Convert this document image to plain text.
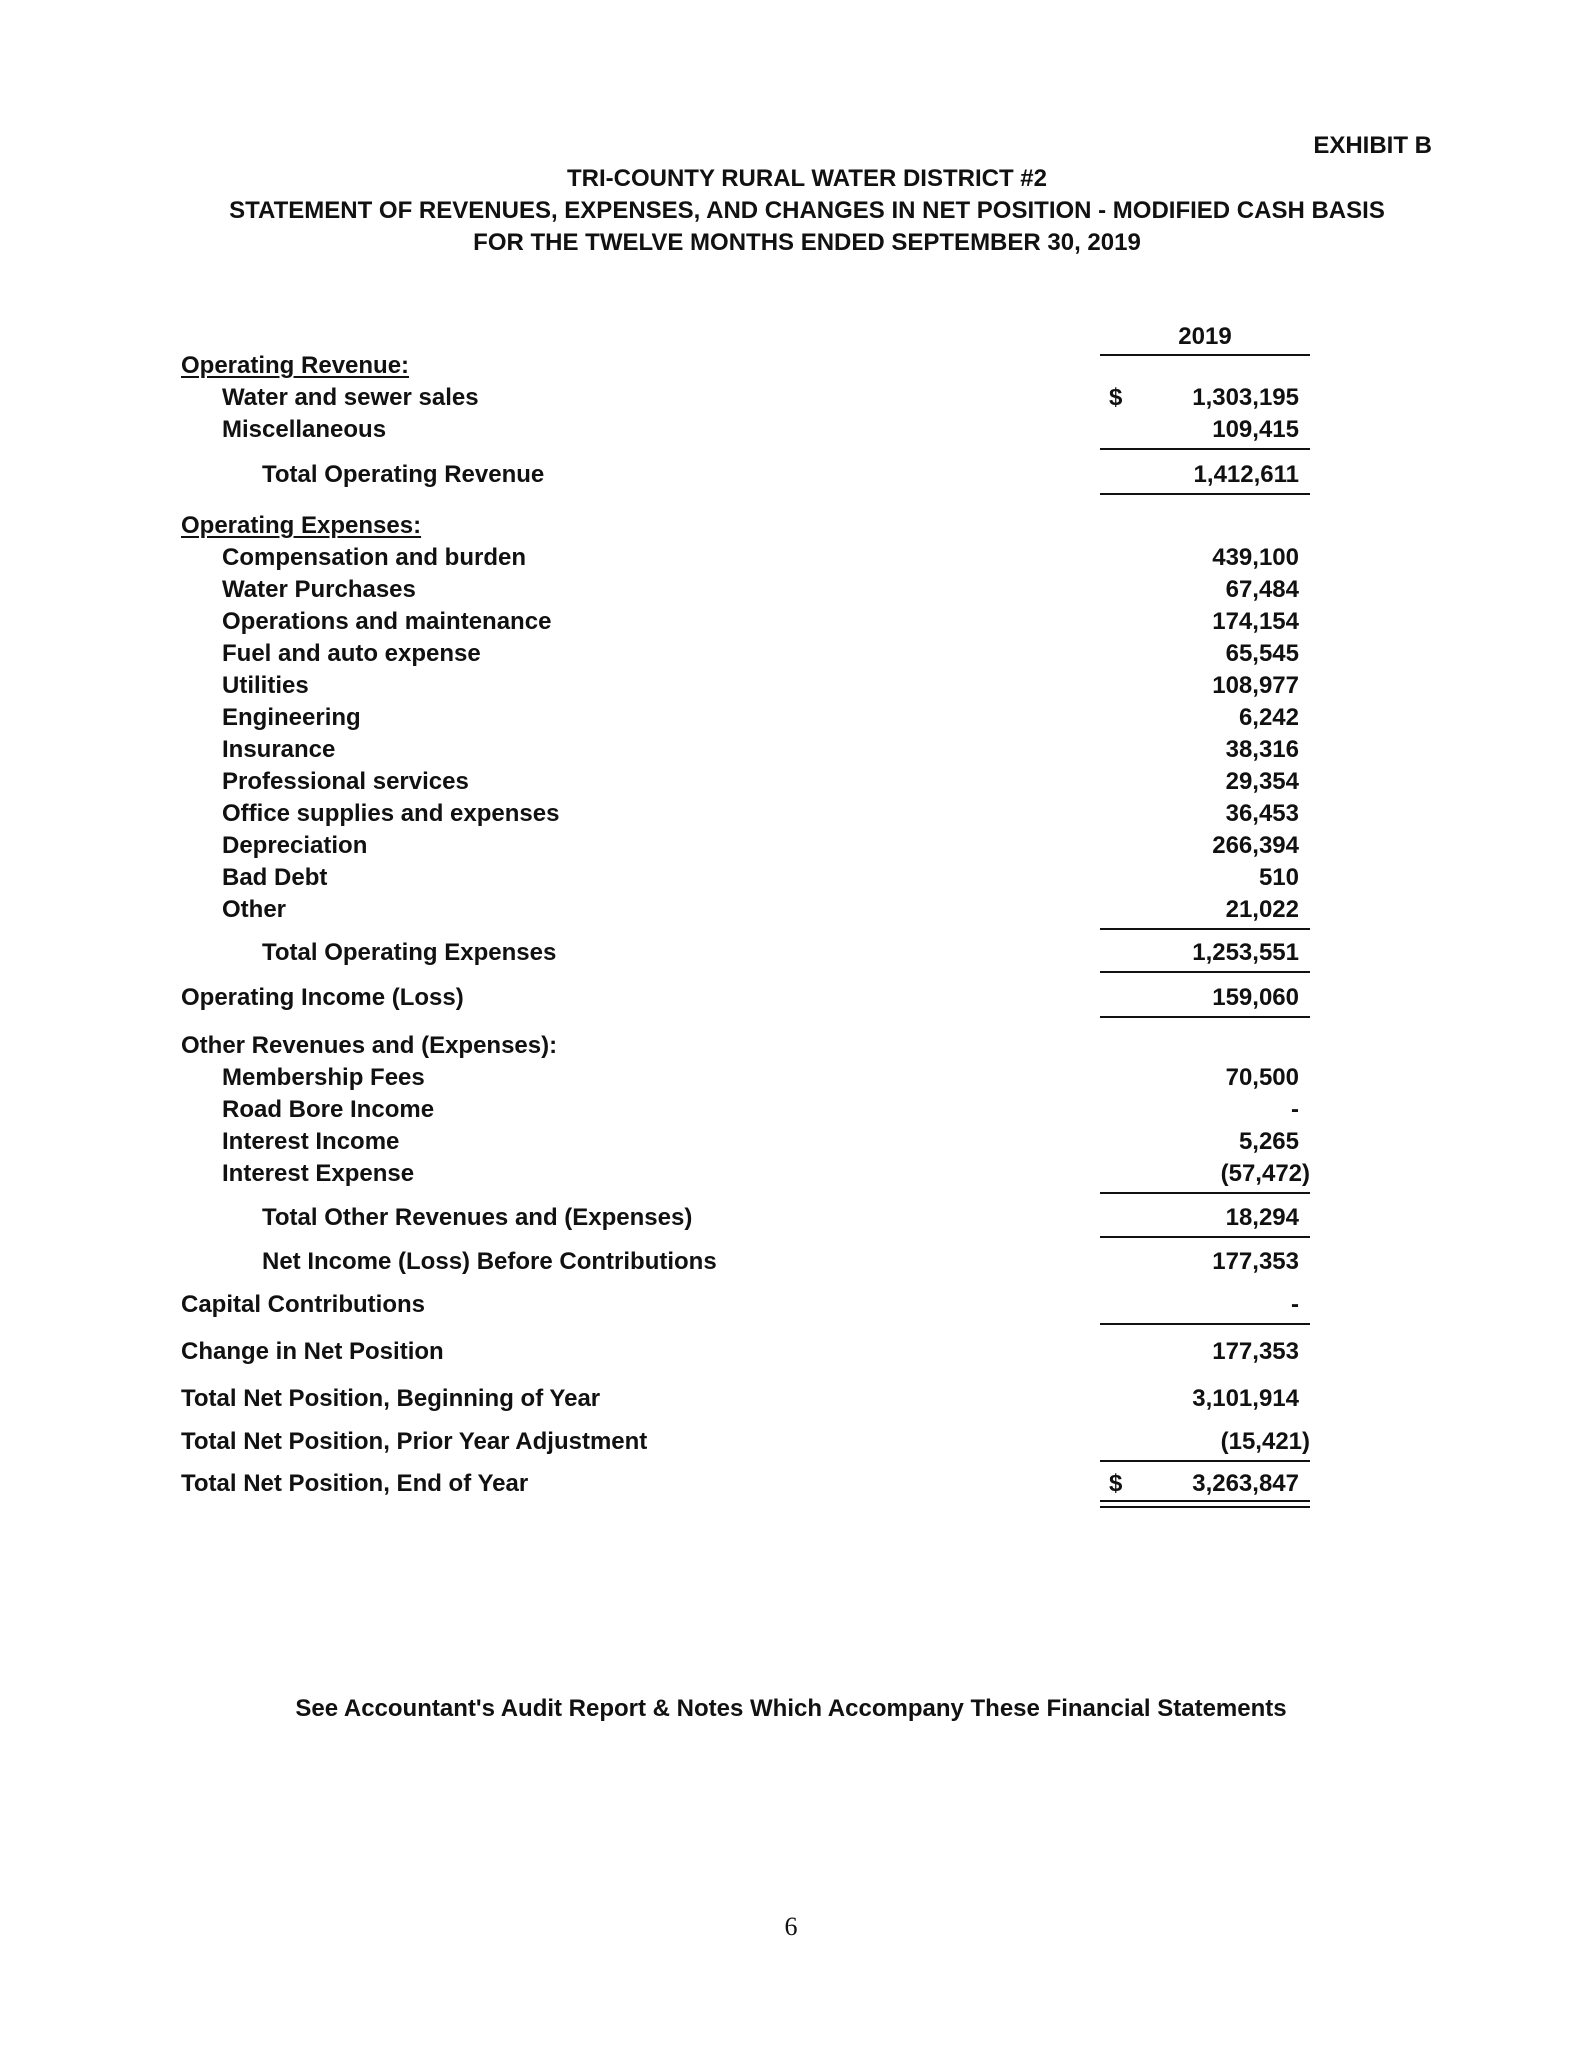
EXHIBIT B
TRI-COUNTY RURAL WATER DISTRICT #2
STATEMENT OF REVENUES, EXPENSES, AND CHANGES IN NET POSITION - MODIFIED CASH BASIS
FOR THE TWELVE MONTHS ENDED SEPTEMBER 30, 2019
2019
Operating Revenue:
Water and sewer sales	$	1,303,195
Miscellaneous	109,415
Total Operating Revenue	1,412,611
Operating Expenses:
Compensation and burden	439,100
Water Purchases	67,484
Operations and maintenance	174,154
Fuel and auto expense	65,545
Utilities	108,977
Engineering	6,242
Insurance	38,316
Professional services	29,354
Office supplies and expenses	36,453
Depreciation	266,394
Bad Debt	510
Other	21,022
Total Operating Expenses	1,253,551
Operating Income (Loss)	159,060
Other Revenues and (Expenses):
Membership Fees	70,500
Road Bore Income	-
Interest Income	5,265
Interest Expense	(57,472)
Total Other Revenues and (Expenses)	18,294
Net Income (Loss) Before Contributions	177,353
Capital Contributions	-
Change in Net Position	177,353
Total Net Position, Beginning of Year	3,101,914
Total Net Position, Prior Year Adjustment	(15,421)
Total Net Position, End of Year	$	3,263,847
See Accountant's Audit Report & Notes Which Accompany These Financial Statements
6
